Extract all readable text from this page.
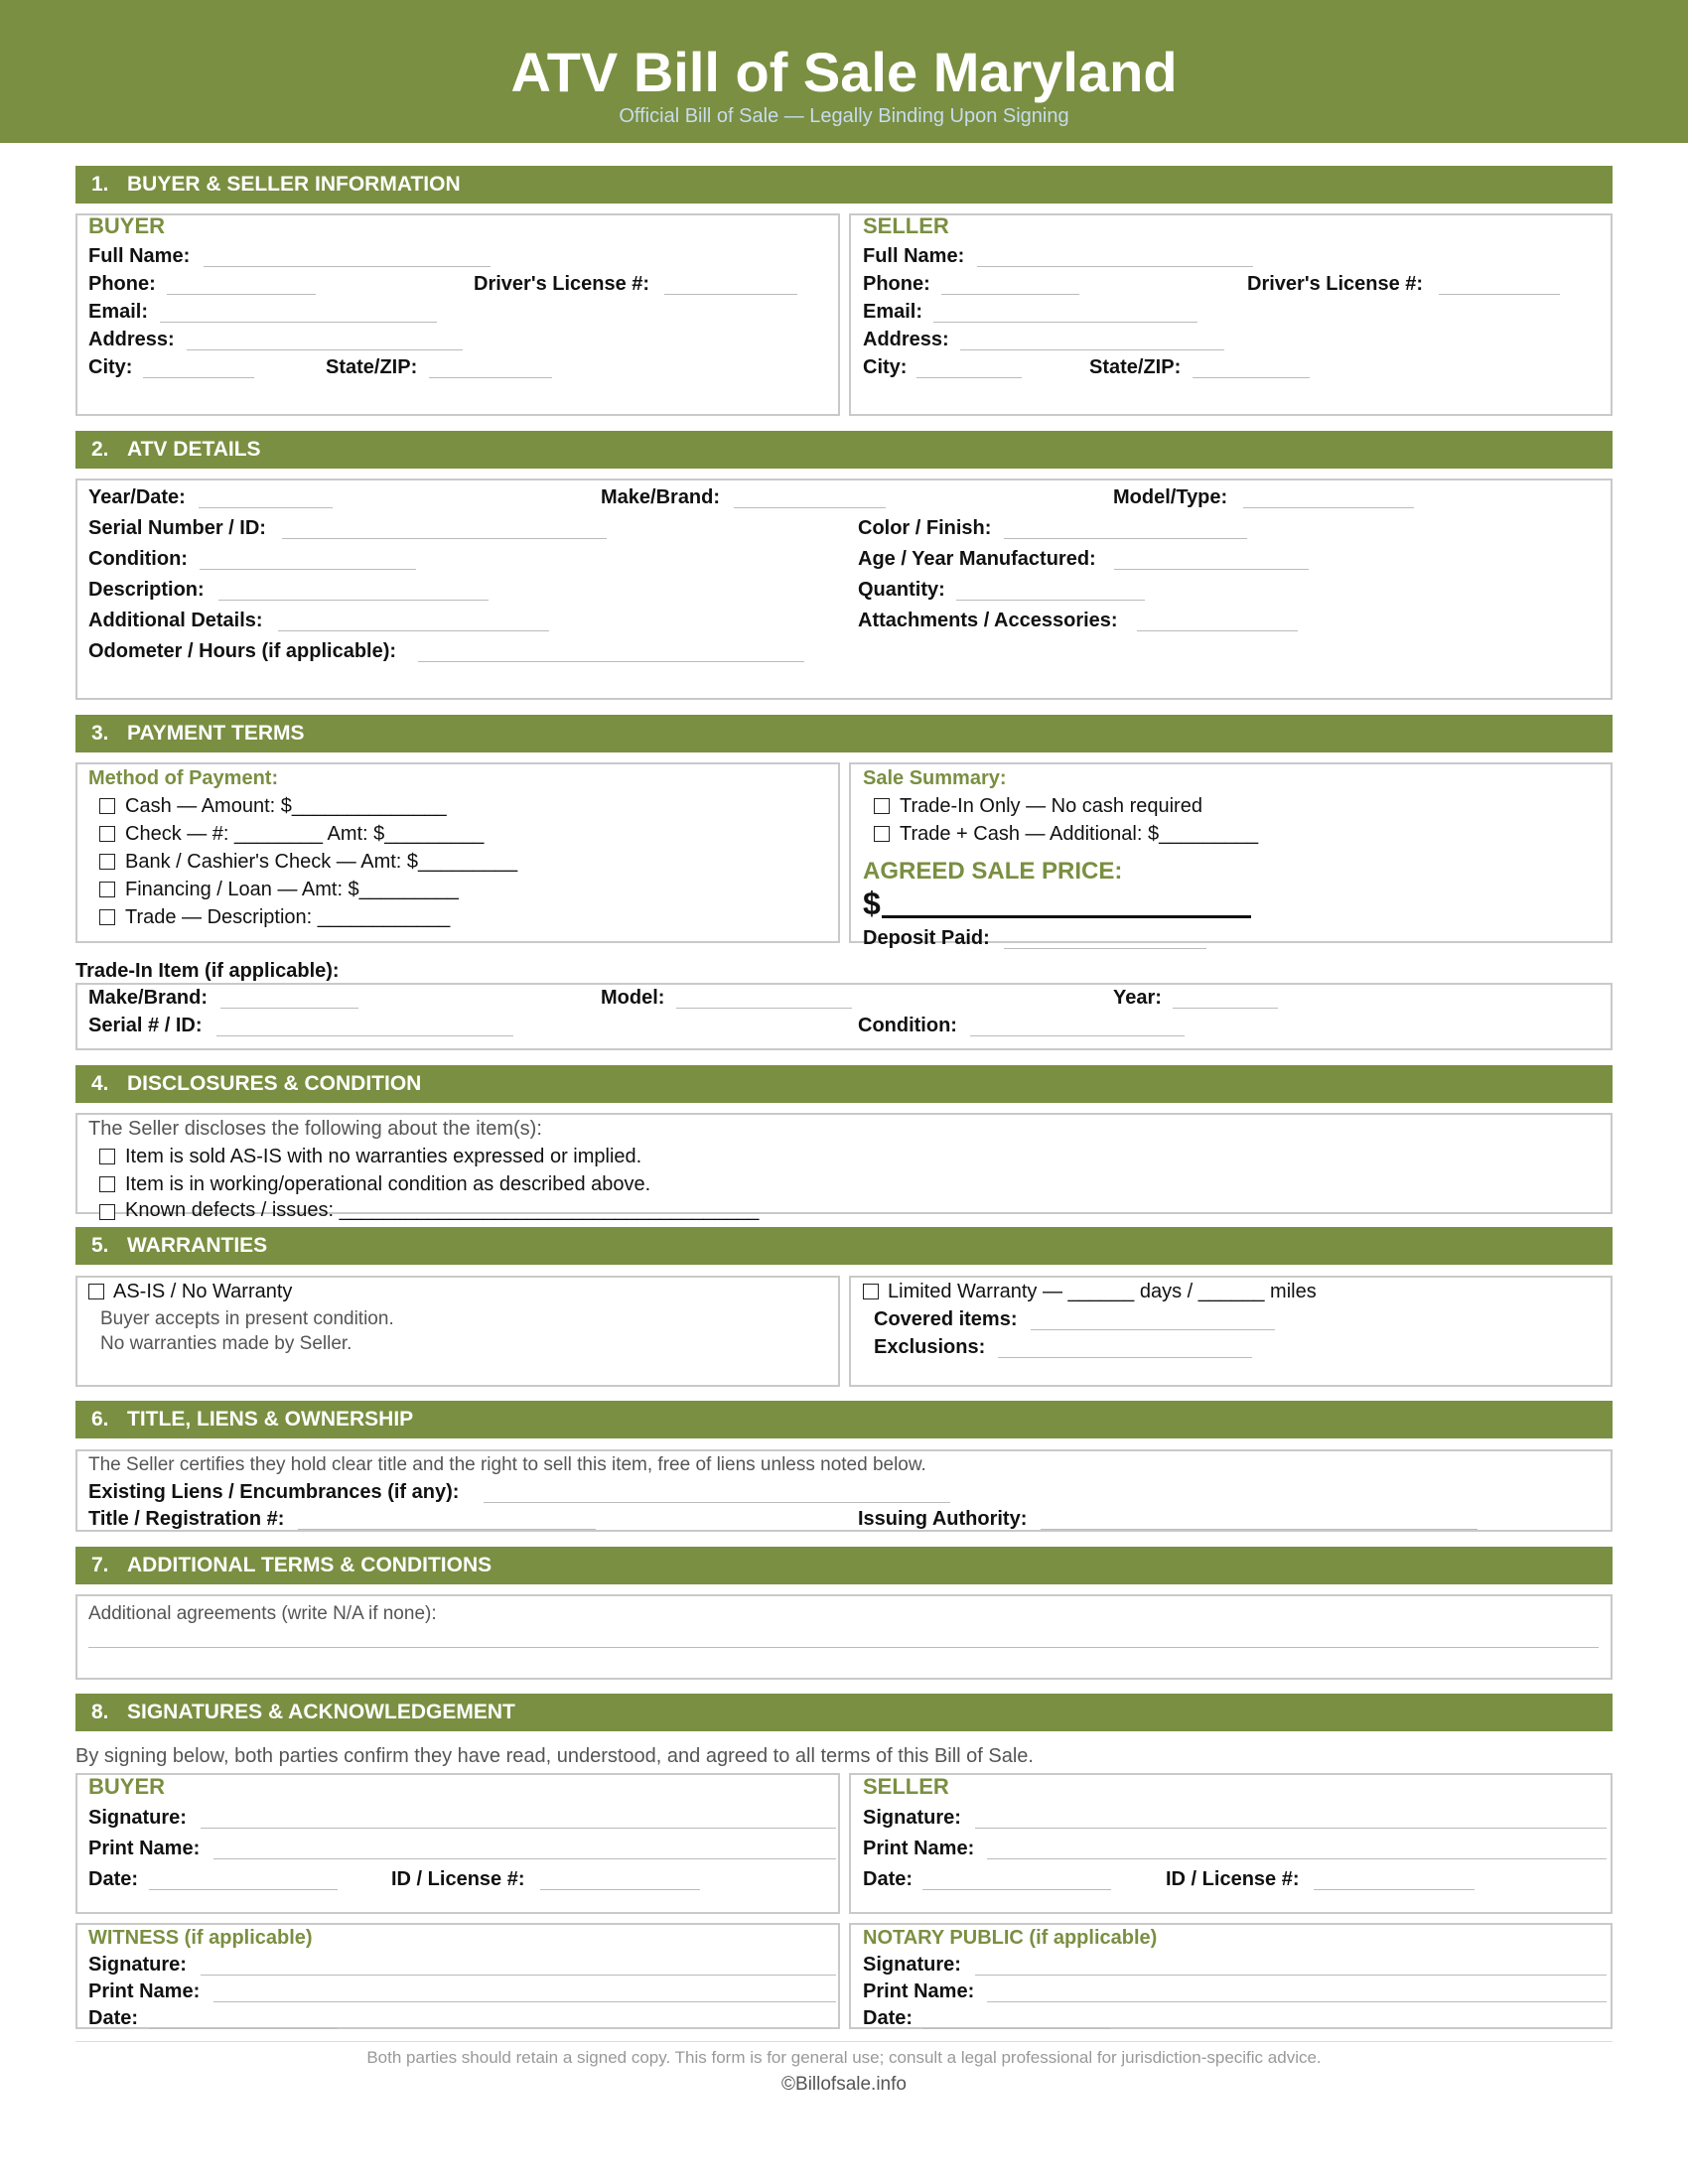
ATV Bill of Sale Maryland
Official Bill of Sale — Legally Binding Upon Signing
1. BUYER & SELLER INFORMATION
BUYER
Full Name:
Phone:	Driver's License #:
Email:
Address:
City:	State/ZIP:
SELLER
Full Name:
Phone:	Driver's License #:
Email:
Address:
City:	State/ZIP:
2. ATV DETAILS
Year/Date:	Make/Brand:	Model/Type:
Serial Number / ID:	Color / Finish:
Condition:	Age / Year Manufactured:
Description:	Quantity:
Additional Details:	Attachments / Accessories:
Odometer / Hours (if applicable):
3. PAYMENT TERMS
Method of Payment:
Cash — Amount: $______________
Check — #: ________ Amt: $_________
Bank / Cashier's Check — Amt: $_________
Financing / Loan — Amt: $_________
Trade — Description: ____________
Sale Summary:
Trade-In Only — No cash required
Trade + Cash — Additional: $_________
AGREED SALE PRICE:
$
Deposit Paid:
Trade-In Item (if applicable):
Make/Brand:	Model:	Year:
Serial # / ID:	Condition:
4. DISCLOSURES & CONDITION
The Seller discloses the following about the item(s):
Item is sold AS-IS with no warranties expressed or implied.
Item is in working/operational condition as described above.
Known defects / issues: ______________________________________
5. WARRANTIES
AS-IS / No Warranty
Buyer accepts in present condition.
No warranties made by Seller.
Limited Warranty — ______ days / ______ miles
Covered items:
Exclusions:
6. TITLE, LIENS & OWNERSHIP
The Seller certifies they hold clear title and the right to sell this item, free of liens unless noted below.
Existing Liens / Encumbrances (if any):
Title / Registration #:	Issuing Authority:
7. ADDITIONAL TERMS & CONDITIONS
Additional agreements (write N/A if none):
8. SIGNATURES & ACKNOWLEDGEMENT
By signing below, both parties confirm they have read, understood, and agreed to all terms of this Bill of Sale.
BUYER
Signature:
Print Name:
Date:	ID / License #:
SELLER
Signature:
Print Name:
Date:	ID / License #:
WITNESS (if applicable)
Signature:
Print Name:
Date:
NOTARY PUBLIC (if applicable)
Signature:
Print Name:
Date:
Both parties should retain a signed copy. This form is for general use; consult a legal professional for jurisdiction-specific advice.
©Billofsale.info
